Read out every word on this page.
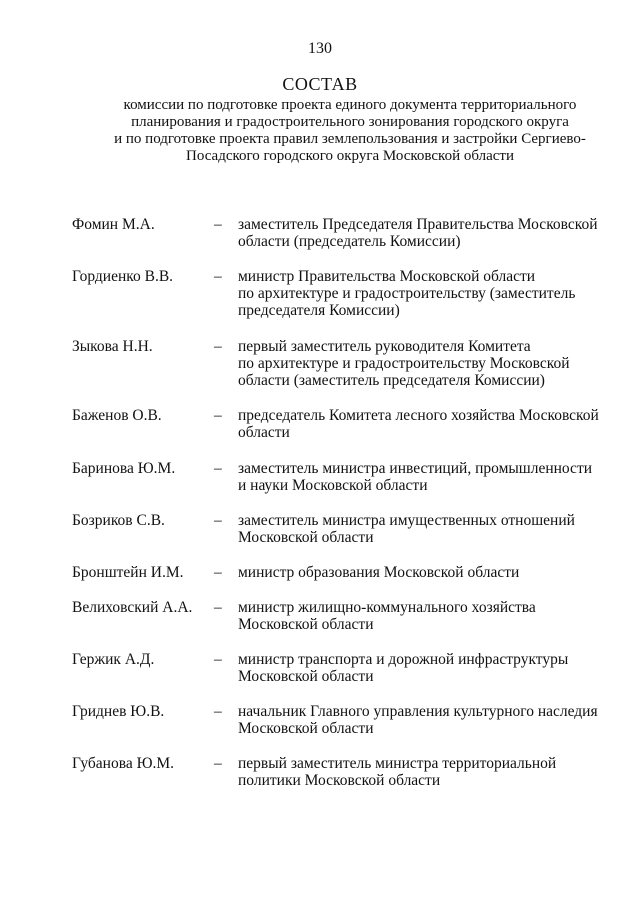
130
СОСТАВ
комиссии по подготовке проекта единого документа территориального
планирования и градостроительного зонирования городского округа
и по подготовке проекта правил землепользования и застройки Сергиево-
Посадского городского округа Московской области
Фомин М.А.	– заместитель Председателя Правительства Московской
области (председатель Комиссии)
Гордиенко В.В.	– министр Правительства Московской области
по архитектуре и градостроительству (заместитель
председателя Комиссии)
Зыкова Н.Н.	– первый заместитель руководителя Комитета
по архитектуре и градостроительству Московской
области (заместитель председателя Комиссии)
Баженов О.В.	– председатель Комитета лесного хозяйства Московской
области
Баринова Ю.М.	– заместитель министра инвестиций, промышленности
и науки Московской области
Бозриков С.В.	– заместитель министра имущественных отношений
Московской области
Бронштейн И.М. – министр образования Московской области
Велиховский А.А. – министр жилищно-коммунального хозяйства
Московской области
Гержик А.Д.	– министр транспорта и дорожной инфраструктуры
Московской области
Гриднев Ю.В.	– начальник Главного управления культурного наследия
Московской области
Губанова Ю.М.	– первый заместитель министра территориальной
политики Московской области
